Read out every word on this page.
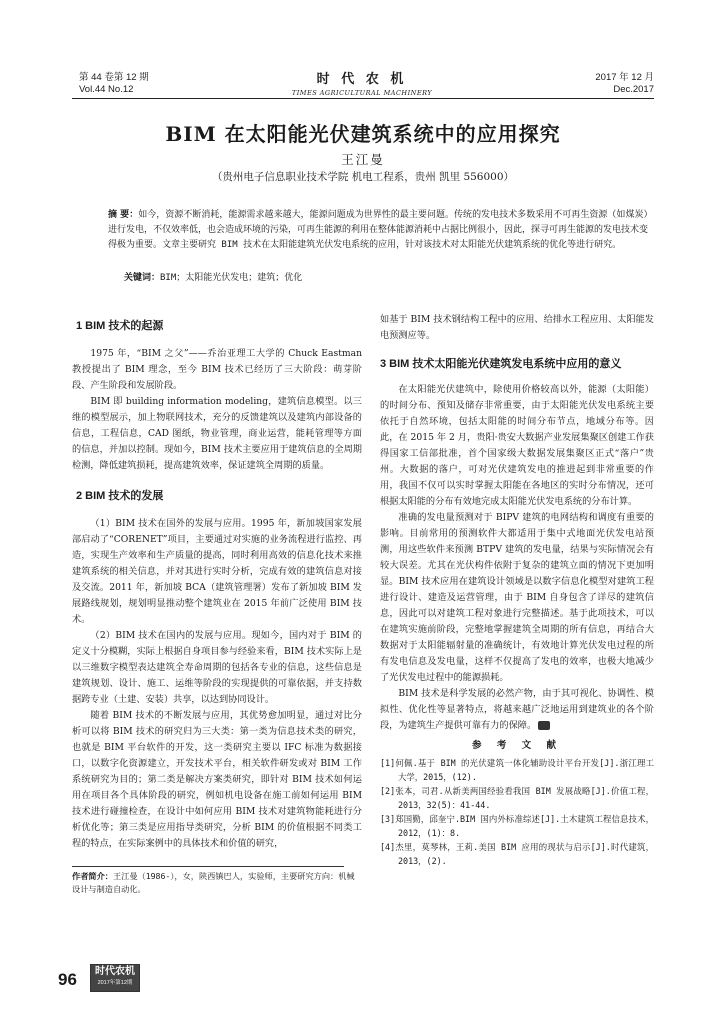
第 44 卷第 12 期
Vol.44 No.12
时 代 农 机
TIMES AGRICULTURAL MACHINERY
2017 年 12 月
Dec.2017
BIM 在太阳能光伏建筑系统中的应用探究
王江曼
（贵州电子信息职业技术学院 机电工程系，贵州 凯里 556000）
摘 要：如今，资源不断消耗，能源需求越来越大，能源问题成为世界性的最主要问题。传统的发电技术多数采用不可再生资源（如煤炭）进行发电，不仅效率低，也会造成环境的污染，可再生能源的利用在整体能源消耗中占据比例很小，因此，探寻可再生能源的发电技术变得极为重要。文章主要研究 BIM 技术在太阳能建筑光伏发电系统的应用，针对该技术对太阳能光伏建筑系统的优化等进行研究。
关键词：BIM；太阳能光伏发电；建筑；优化
1 BIM 技术的起源

1975 年，“BIM 之父”——乔治亚理工大学的 Chuck Eastman 教授提出了 BIM 理念，至今 BIM 技术已经历了三大阶段：萌芽阶段、产生阶段和发展阶段。

BIM 即 building information modeling，建筑信息模型。以三维的模型展示，加上物联网技术，充分的反馈建筑以及建筑内部设备的信息，工程信息，CAD 图纸，物业管理，商业运营，能耗管理等方面的信息，并加以控制。现如今，BIM 技术主要应用于建筑信息的全周期检测，降低建筑损耗，提高建筑效率，保证建筑全周期的质量。

2 BIM 技术的发展

（1）BIM 技术在国外的发展与应用。1995 年，新加坡国家发展部启动了“CORENET”项目，主要通过对实施的业务流程进行监控、再造，实现生产效率和生产质量的提高，同时利用高效的信息化技术来推建筑系统的相关信息，并对其进行实时分析，完成有效的建筑信息对接及交流。2011 年，新加坡 BCA（建筑管理署）发布了新加坡 BIM 发展路线规划，规划明显推动整个建筑业在 2015 年前广泛使用 BIM 技术。

（2）BIM 技术在国内的发展与应用。现如今，国内对于 BIM 的定义十分模糊，实际上根据自身项目参与经验来看，BIM 技术实际上是以三维数字模型表达建筑全寿命周期的包括各专业的信息，这些信息是建筑规划、设计、施工、运维等阶段的实现提供的可靠依据，并支持数据跨专业（土建、安装）共享，以达到协同设计。

随着 BIM 技术的不断发展与应用，其优势愈加明显，通过对比分析可以将 BIM 技术的研究归为三大类：第一类为信息技术类的研究，也就是 BIM 平台软件的开发，这一类研究主要以 IFC 标准为数据接口，以数字化资源建立，开发技术平台，相关软件研发或对 BIM 工作系统研究为目的；第二类是解决方案类研究，即针对 BIM 技术如何运用在项目各个具体阶段的研究，例如机电设备在施工前如何运用 BIM 技术进行碰撞检查，在设计中如何应用 BIM 技术对建筑物能耗进行分析优化等；第三类是应用指导类研究，分析 BIM 的价值根据不同类工程的特点，在实际案例中的具体技术和价值的研究，

作者简介：王江曼（1986-），女，陕西镇巴人，实验师，主要研究方向：机械设计与制造自动化。

如基于 BIM 技术钢结构工程中的应用、给排水工程应用、太阳能发电预测应等。

3 BIM 技术太阳能光伏建筑发电系统中应用的意义

在太阳能光伏建筑中，除使用价格较高以外，能源（太阳能）的时间分布、预知及储存非常重要，由于太阳能光伏发电系统主要依托于自然环境，包括太阳能的时间分布节点，地域分布等。因此，在 2015 年 2 月，贵阳·贵安大数据产业发展集聚区创建工作获得国家工信部批准，首个国家级大数据发展集聚区正式“落户”贵州。大数据的落户，可对光伏建筑发电的推进起到非常重要的作用，我国不仅可以实时掌握太阳能在各地区的实时分布情况，还可根据太阳能的分布有效地完成太阳能光伏发电系统的分布计算。

准确的发电量预测对于 BIPV 建筑的电网结构和调度有重要的影响。目前常用的预测软件大都适用于集中式地面光伏发电站预测，用这些软件来预测 BTPV 建筑的发电量，结果与实际情况会有较大误差。尤其在光伏构件依附于复杂的建筑立面的情况下更加明显。BIM 技术应用在建筑设计领域是以数字信息化模型对建筑工程进行设计、建造及运营管理，由于 BIM 自身包含了详尽的建筑信息，因此可以对建筑工程对象进行完整描述。基于此项技术，可以在建筑实施前阶段，完整地掌握建筑全周期的所有信息，再结合大数据对于太阳能辐射量的准确统计，有效地计算光伏发电过程的所有发电信息及发电量，这样不仅提高了发电的效率，也极大地减少了光伏发电过程中的能源损耗。

BIM 技术是科学发展的必然产物，由于其可视化、协调性、模拟性、优化性等显著特点，将越来越广泛地运用到建筑业的各个阶段，为建筑生产提供可靠有力的保障。

参 考 文 献
[1]何佩.基于 BIM 的光伏建筑一体化辅助设计平台开发[J].浙江理工大学，2015，(12).
[2]张本，司君.从新美两国经验看我国 BIM 发展战略[J].价值工程，2013，32(5)：41-44.
[3]郑国勤，邱奎宁.BIM 国内外标准综述[J].土木建筑工程信息技术，2012，(1)：8.
[4]杰里，莫琴林，王莉.美国 BIM 应用的现状与启示[J].时代建筑，2013，(2).
96	时代农机
2017年第12期
